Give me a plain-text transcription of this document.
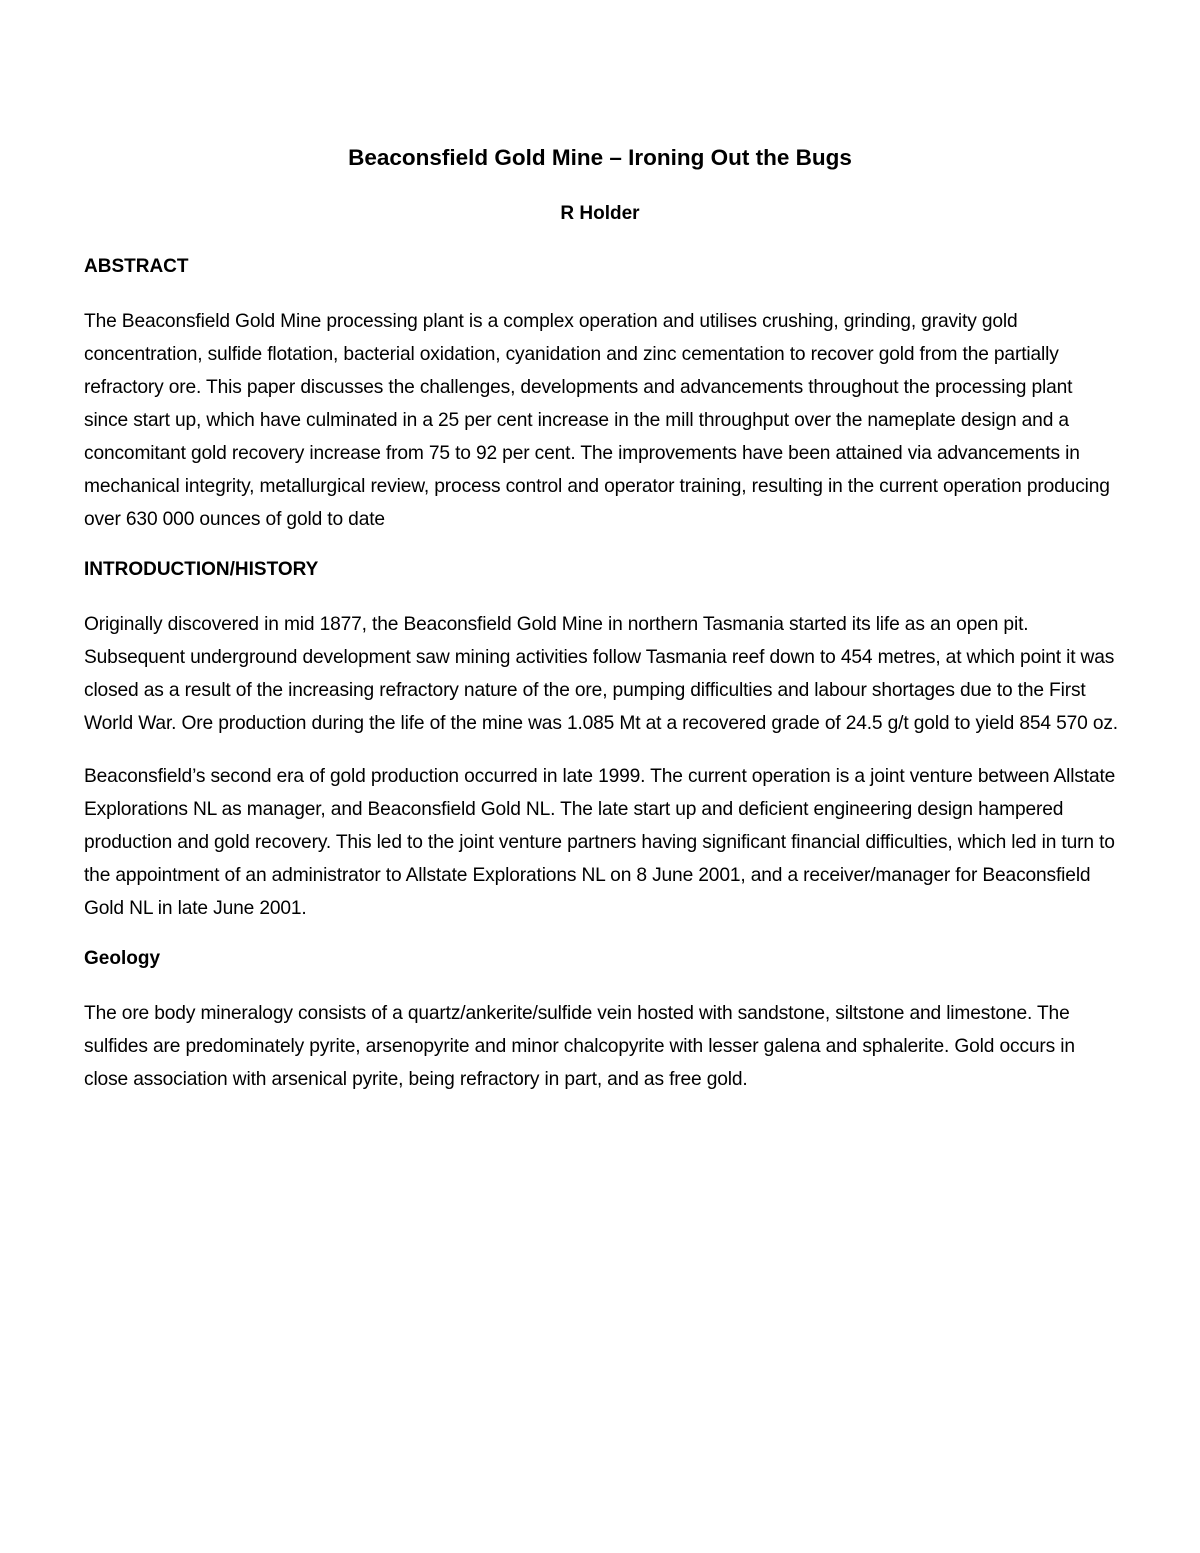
Beaconsfield Gold Mine – Ironing Out the Bugs
R Holder
ABSTRACT

The Beaconsfield Gold Mine processing plant is a complex operation and utilises crushing, grinding, gravity gold concentration, sulfide flotation, bacterial oxidation, cyanidation and zinc cementation to recover gold from the partially refractory ore. This paper discusses the challenges, developments and advancements throughout the processing plant since start up, which have culminated in a 25 per cent increase in the mill throughput over the nameplate design and a concomitant gold recovery increase from 75 to 92 per cent. The improvements have been attained via advancements in mechanical integrity, metallurgical review, process control and operator training, resulting in the current operation producing over 630 000 ounces of gold to date

INTRODUCTION/HISTORY

Originally discovered in mid 1877, the Beaconsfield Gold Mine in northern Tasmania started its life as an open pit. Subsequent underground development saw mining activities follow Tasmania reef down to 454 metres, at which point it was closed as a result of the increasing refractory nature of the ore, pumping difficulties and labour shortages due to the First World War. Ore production during the life of the mine was 1.085 Mt at a recovered grade of 24.5 g/t gold to yield 854 570 oz.

Beaconsfield’s second era of gold production occurred in late 1999. The current operation is a joint venture between Allstate Explorations NL as manager, and Beaconsfield Gold NL. The late start up and deficient engineering design hampered production and gold recovery. This led to the joint venture partners having significant financial difficulties, which led in turn to the appointment of an administrator to Allstate Explorations NL on 8 June 2001, and a receiver/manager for Beaconsfield Gold NL in late June 2001.

Geology

The ore body mineralogy consists of a quartz/ankerite/sulfide vein hosted with sandstone, siltstone and limestone. The sulfides are predominately pyrite, arsenopyrite and minor chalcopyrite with lesser galena and sphalerite. Gold occurs in close association with arsenical pyrite, being refractory in part, and as free gold.
